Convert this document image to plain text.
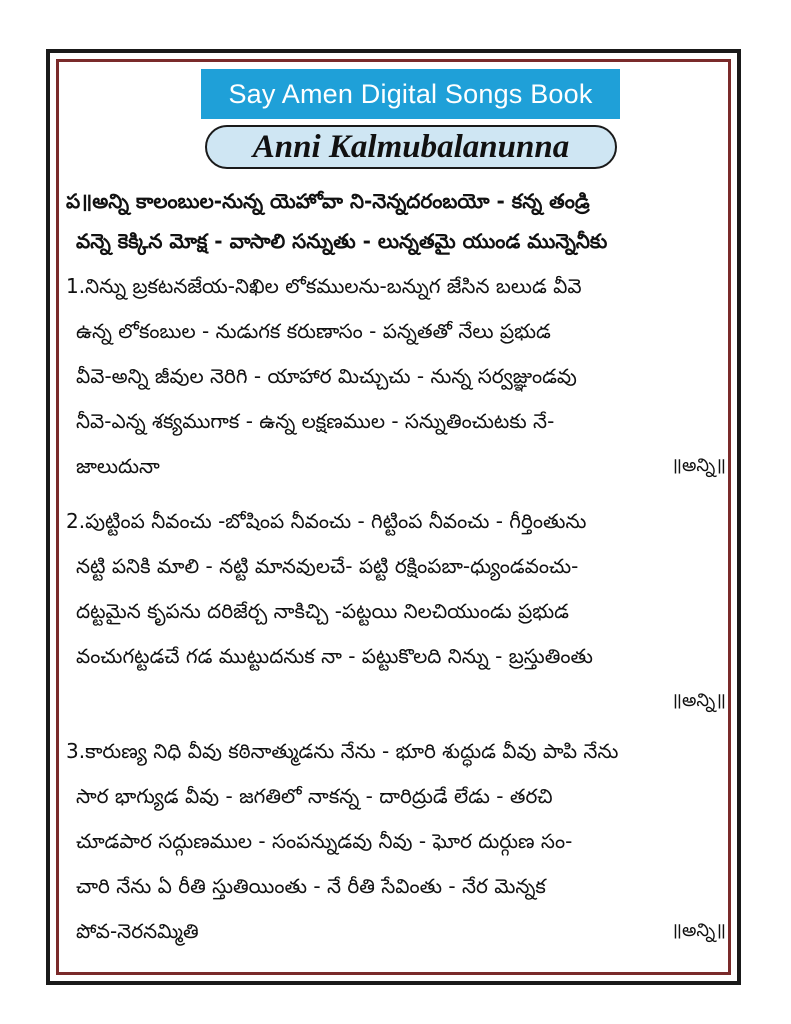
Say Amen Digital Songs Book
Anni Kalmubalanunna
ప॥అన్ని కాలంబుల-నున్న యెహోవా ని-నెన్నదరంబయో - కన్న తండ్రి
వన్నె కెక్కిన మోక్ష - వాసాలి సన్నుతు - లున్నతమై యుండ మున్నెనీకు
1.నిన్ను బ్రకటనజేయ-నిఖిల లోకములను-బన్నుగ జేసిన బలుడ వీవె
ఉన్న లోకంబుల - నుడుగక కరుణాసం - పన్నతతో నేలు ప్రభుడ
వీవె-అన్ని జీవుల నెరిగి - యాహార మిచ్చుచు - నున్న సర్వజ్ఞుండవు
నీవె-ఎన్న శక్యముగాక - ఉన్న లక్షణముల - సన్నుతించుటకు నే-
జాలుదునా	॥అన్ని॥
2.పుట్టింప నీవంచు -బోషింప నీవంచు - గిట్టింప నీవంచు - గీర్తింతును
నట్టి పనికి మాలి - నట్టి మానవులచే- పట్టి రక్షింపబా-ధ్యుండవంచు-
దట్టమైన కృపను దరిజేర్చ నాకిచ్చి -పట్టయి నిలచియుండు ప్రభుడ
వంచుగట్టడచే గడ ముట్టుదనుక నా - పట్టుకొలది నిన్ను - బ్రస్తుతింతు
॥అన్ని॥
3.కారుణ్య నిధి వీవు కఠినాత్ముడను నేను - భూరి శుద్ధుడ వీవు పాపి నేను
సార భాగ్యుడ వీవు - జగతిలో నాకన్న - దారిద్రుడే లేడు - తరచి
చూడపార సద్గుణముల - సంపన్నుడవు నీవు - ఘోర దుర్గుణ సం-
చారి నేను ఏ రీతి స్తుతియింతు - నే రీతి సేవింతు - నేర మెన్నక
పోవ-నెరనమ్మితి	॥అన్ని॥
